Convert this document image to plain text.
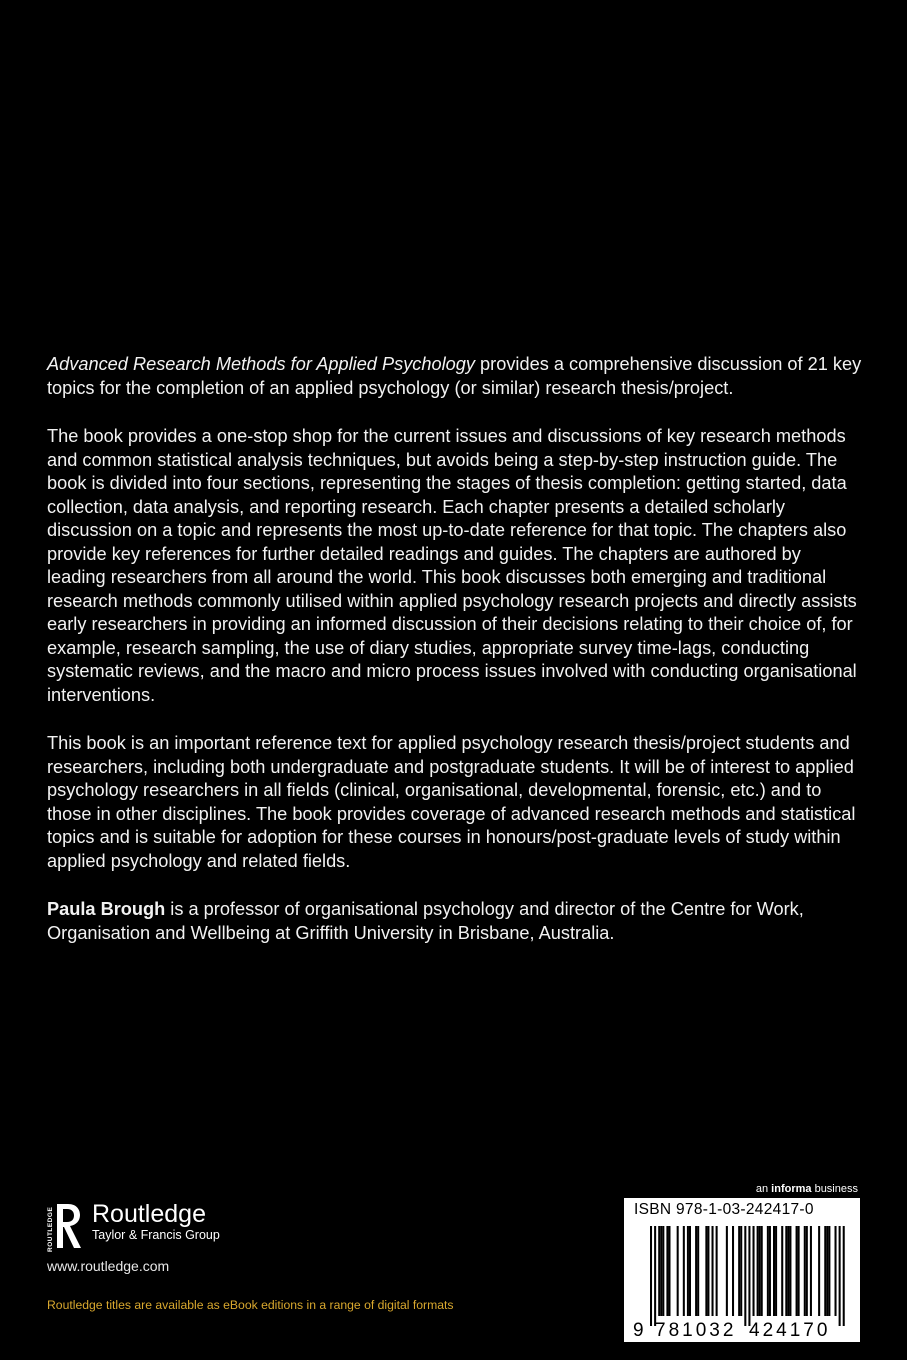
Advanced Research Methods for Applied Psychology provides a comprehensive discussion of 21 key topics for the completion of an applied psychology (or similar) research thesis/project.

The book provides a one-stop shop for the current issues and discussions of key research methods and common statistical analysis techniques, but avoids being a step-by-step instruction guide. The book is divided into four sections, representing the stages of thesis completion: getting started, data collection, data analysis, and reporting research. Each chapter presents a detailed scholarly discussion on a topic and represents the most up-to-date reference for that topic. The chapters also provide key references for further detailed readings and guides. The chapters are authored by leading researchers from all around the world. This book discusses both emerging and traditional research methods commonly utilised within applied psychology research projects and directly assists early researchers in providing an informed discussion of their decisions relating to their choice of, for example, research sampling, the use of diary studies, appropriate survey time-lags, conducting systematic reviews, and the macro and micro process issues involved with conducting organisational interventions.

This book is an important reference text for applied psychology research thesis/project students and researchers, including both undergraduate and postgraduate students. It will be of interest to applied psychology researchers in all fields (clinical, organisational, developmental, forensic, etc.) and to those in other disciplines. The book provides coverage of advanced research methods and statistical topics and is suitable for adoption for these courses in honours/post-graduate levels of study within applied psychology and related fields.

Paula Brough is a professor of organisational psychology and director of the Centre for Work, Organisation and Wellbeing at Griffith University in Brisbane, Australia.

ROUTLEDGE Routledge
Taylor & Francis Group
www.routledge.com
Routledge titles are available as eBook editions in a range of digital formats
an informa business
ISBN 978-1-03-242417-0
9 781032 424170
